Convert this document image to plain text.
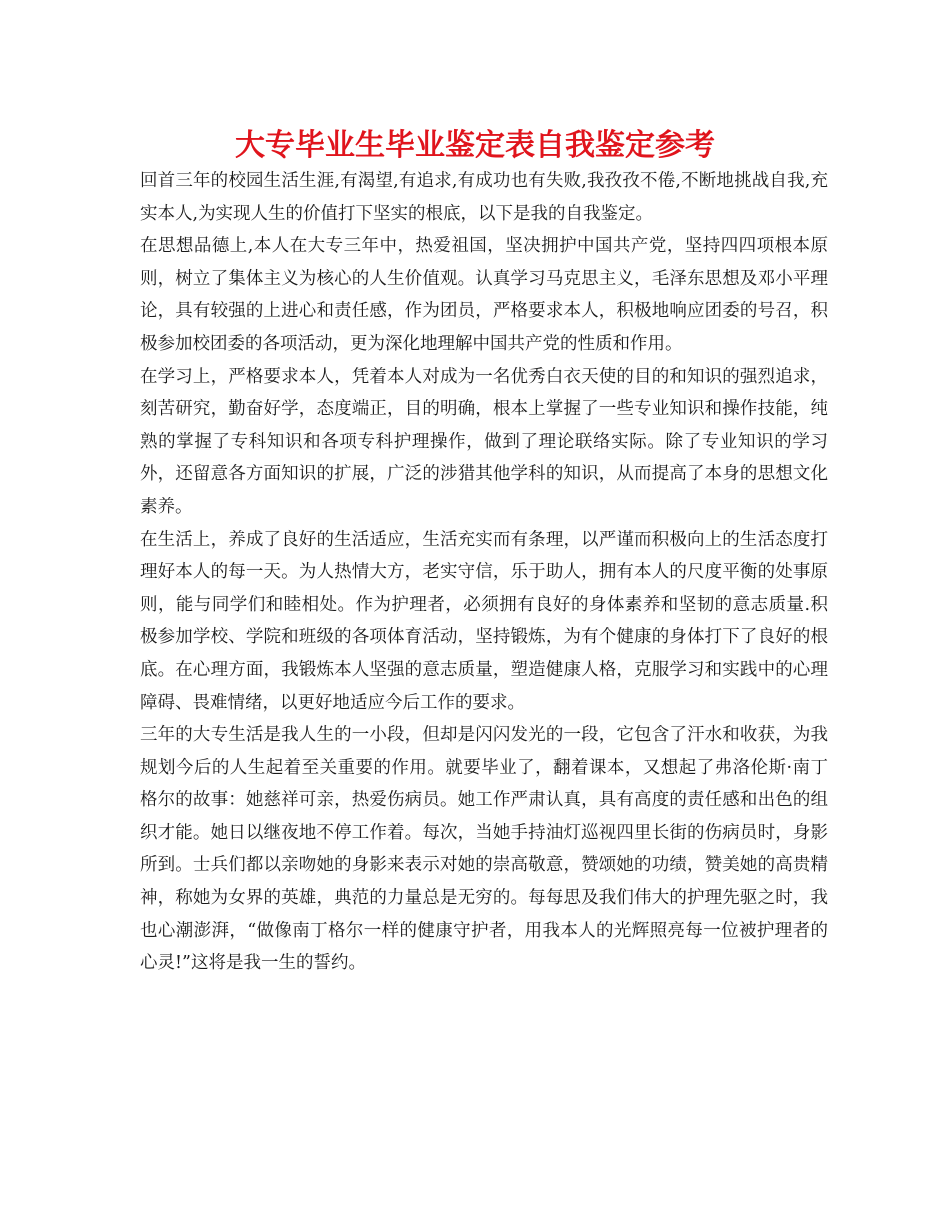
大专毕业生毕业鉴定表自我鉴定参考

回首三年的校园生活生涯,有渴望,有追求,有成功也有失败,我孜孜不倦,不断地挑战自我,充实本人,为实现人生的价值打下坚实的根底，以下是我的自我鉴定。

在思想品德上,本人在大专三年中，热爱祖国，坚决拥护中国共产党，坚持四四项根本原则，树立了集体主义为核心的人生价值观。认真学习马克思主义，毛泽东思想及邓小平理论，具有较强的上进心和责任感，作为团员，严格要求本人，积极地响应团委的号召，积极参加校团委的各项活动，更为深化地理解中国共产党的性质和作用。

在学习上，严格要求本人，凭着本人对成为一名优秀白衣天使的目的和知识的强烈追求，刻苦研究，勤奋好学，态度端正，目的明确，根本上掌握了一些专业知识和操作技能，纯熟的掌握了专科知识和各项专科护理操作，做到了理论联络实际。除了专业知识的学习外，还留意各方面知识的扩展，广泛的涉猎其他学科的知识，从而提高了本身的思想文化素养。

在生活上，养成了良好的生活适应，生活充实而有条理，以严谨而积极向上的生活态度打理好本人的每一天。为人热情大方，老实守信，乐于助人，拥有本人的尺度平衡的处事原则，能与同学们和睦相处。作为护理者，必须拥有良好的身体素养和坚韧的意志质量.积极参加学校、学院和班级的各项体育活动，坚持锻炼，为有个健康的身体打下了良好的根底。在心理方面，我锻炼本人坚强的意志质量，塑造健康人格，克服学习和实践中的心理障碍、畏难情绪，以更好地适应今后工作的要求。

三年的大专生活是我人生的一小段，但却是闪闪发光的一段，它包含了汗水和收获，为我规划今后的人生起着至关重要的作用。就要毕业了，翻着课本，又想起了弗洛伦斯·南丁格尔的故事：她慈祥可亲，热爱伤病员。她工作严肃认真，具有高度的责任感和出色的组织才能。她日以继夜地不停工作着。每次，当她手持油灯巡视四里长街的伤病员时，身影所到。士兵们都以亲吻她的身影来表示对她的崇高敬意，赞颂她的功绩，赞美她的高贵精神，称她为女界的英雄，典范的力量总是无穷的。每每思及我们伟大的护理先驱之时，我也心潮澎湃，“做像南丁格尔一样的健康守护者，用我本人的光辉照亮每一位被护理者的心灵!”这将是我一生的誓约。
